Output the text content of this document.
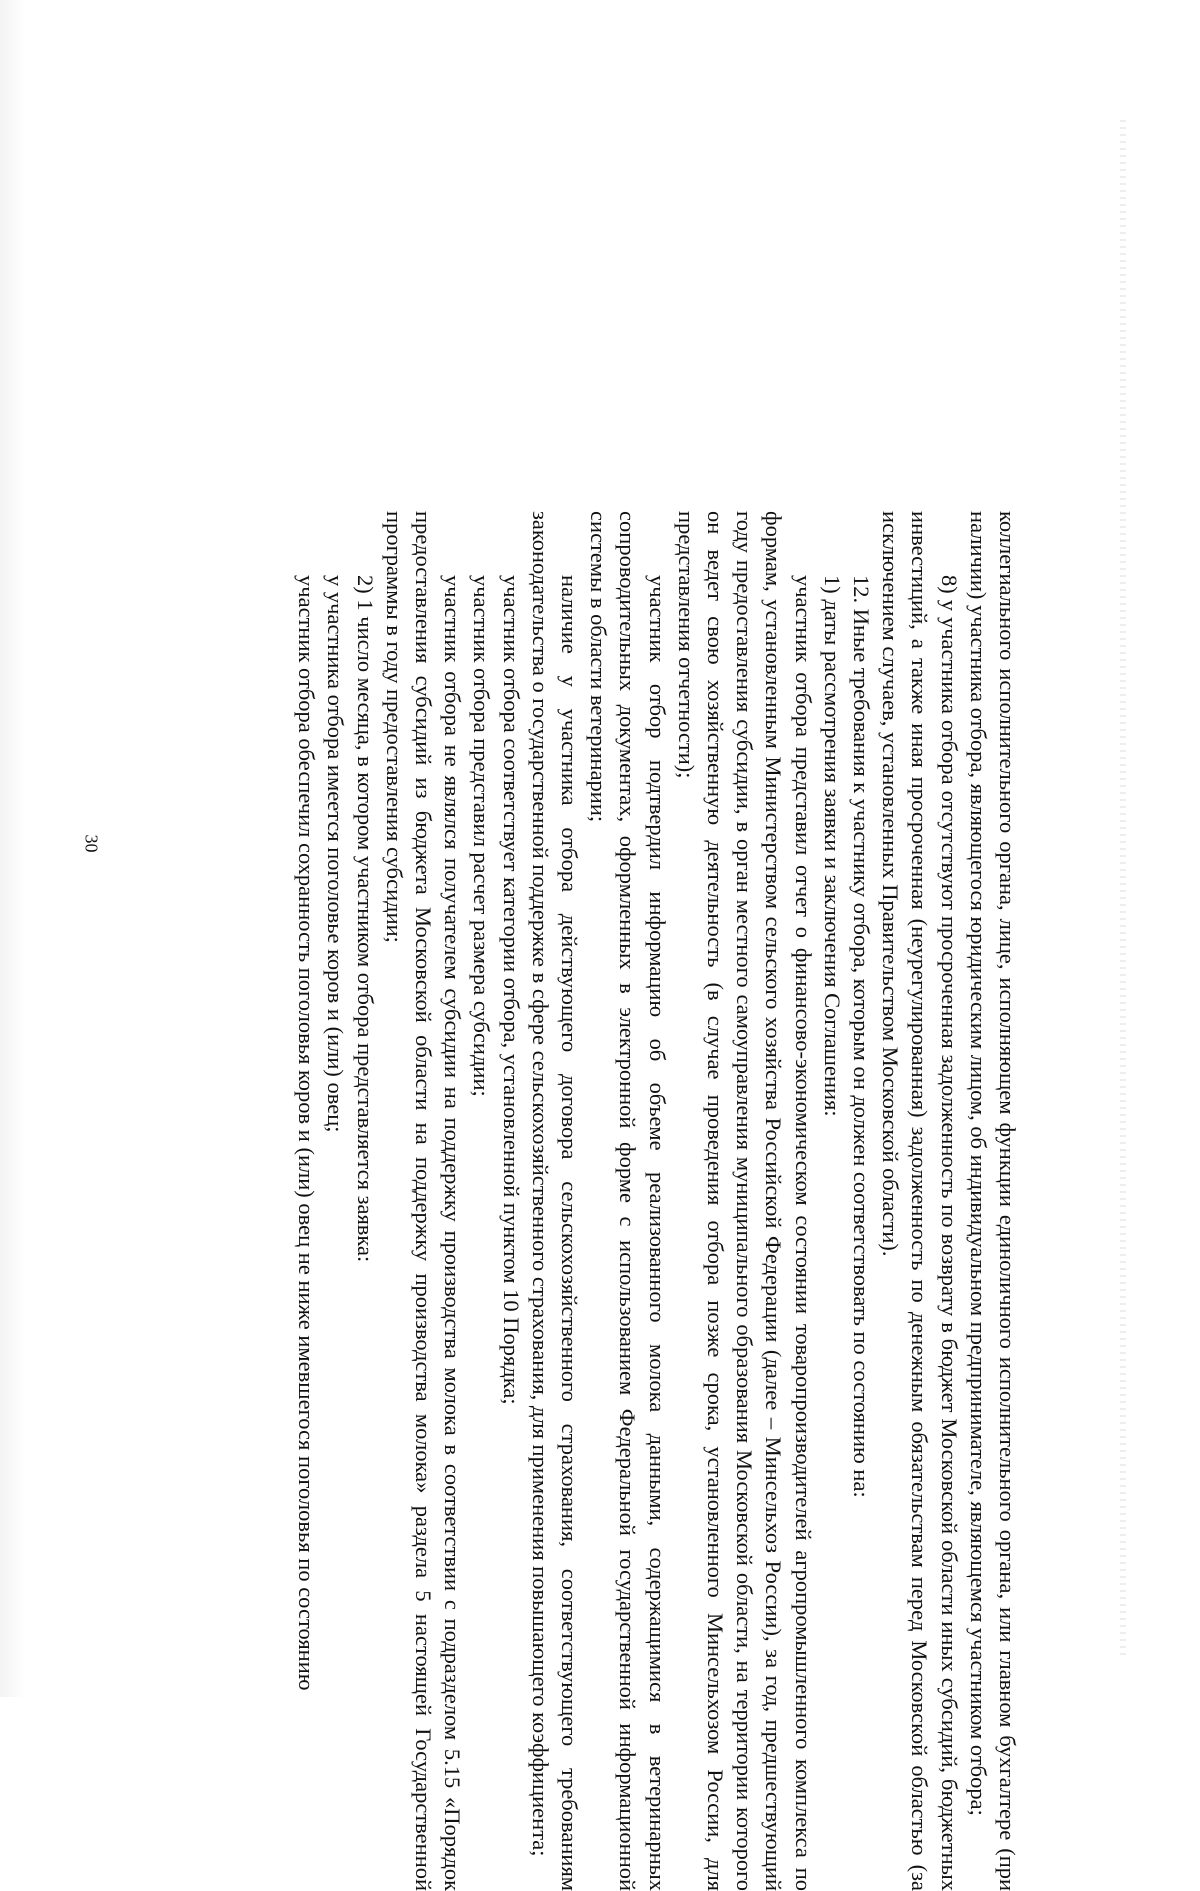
30	коллегиального исполнительного органа, лице, исполняющем функции единоличного исполнительного органа, или главном бухгалтере (при наличии) участника отбора, являющегося юридическим лицом, об индивидуальном предпринимателе, являющемся участником отбора;

8) у участника отбора отсутствуют просроченная задолженность по возврату в бюджет Московской области иных субсидий, бюджетных инвестиций, а также иная просроченная (неурегулированная) задолженность по денежным обязательствам перед Московской областью (за исключением случаев, установленных Правительством Московской области).

12. Иные требования к участнику отбора, которым он должен соответствовать по состоянию на:

1) даты рассмотрения заявки и заключения Соглашения:

участник отбора представил отчет о финансово-экономическом состоянии товаропроизводителей агропромышленного комплекса по формам, установленным Министерством сельского хозяйства Российской Федерации (далее – Минсельхоз России), за год, предшествующий году предоставления субсидии, в орган местного самоуправления муниципального образования Московской области, на территории которого он ведет свою хозяйственную деятельность (в случае проведения отбора позже срока, установленного Минсельхозом России, для представления отчетности);

участник отбор подтвердил информацию об объеме реализованного молока данными, содержащимися в ветеринарных сопроводительных документах, оформленных в электронной форме с использованием Федеральной государственной информационной системы в области ветеринарии;

наличие у участника отбора действующего договора сельскохозяйственного страхования, соответствующего требованиям законодательства о государственной поддержке в сфере сельскохозяйственного страхования, для применения повышающего коэффициента;

участник отбора соответствует категории отбора, установленной пунктом 10 Порядка;

участник отбора представил расчет размера субсидии;

участник отбора не являлся получателем субсидии на поддержку производства молока в соответствии с подразделом 5.15 «Порядок предоставления субсидий из бюджета Московской области на поддержку производства молока» раздела 5 настоящей Государственной программы в году предоставления субсидии;

2) 1 число месяца, в котором участником отбора представляется заявка:

у участника отбора имеется поголовье коров и (или) овец;

участник отбора обеспечил сохранность поголовья коров и (или) овец не ниже имевшегося поголовья по состоянию
